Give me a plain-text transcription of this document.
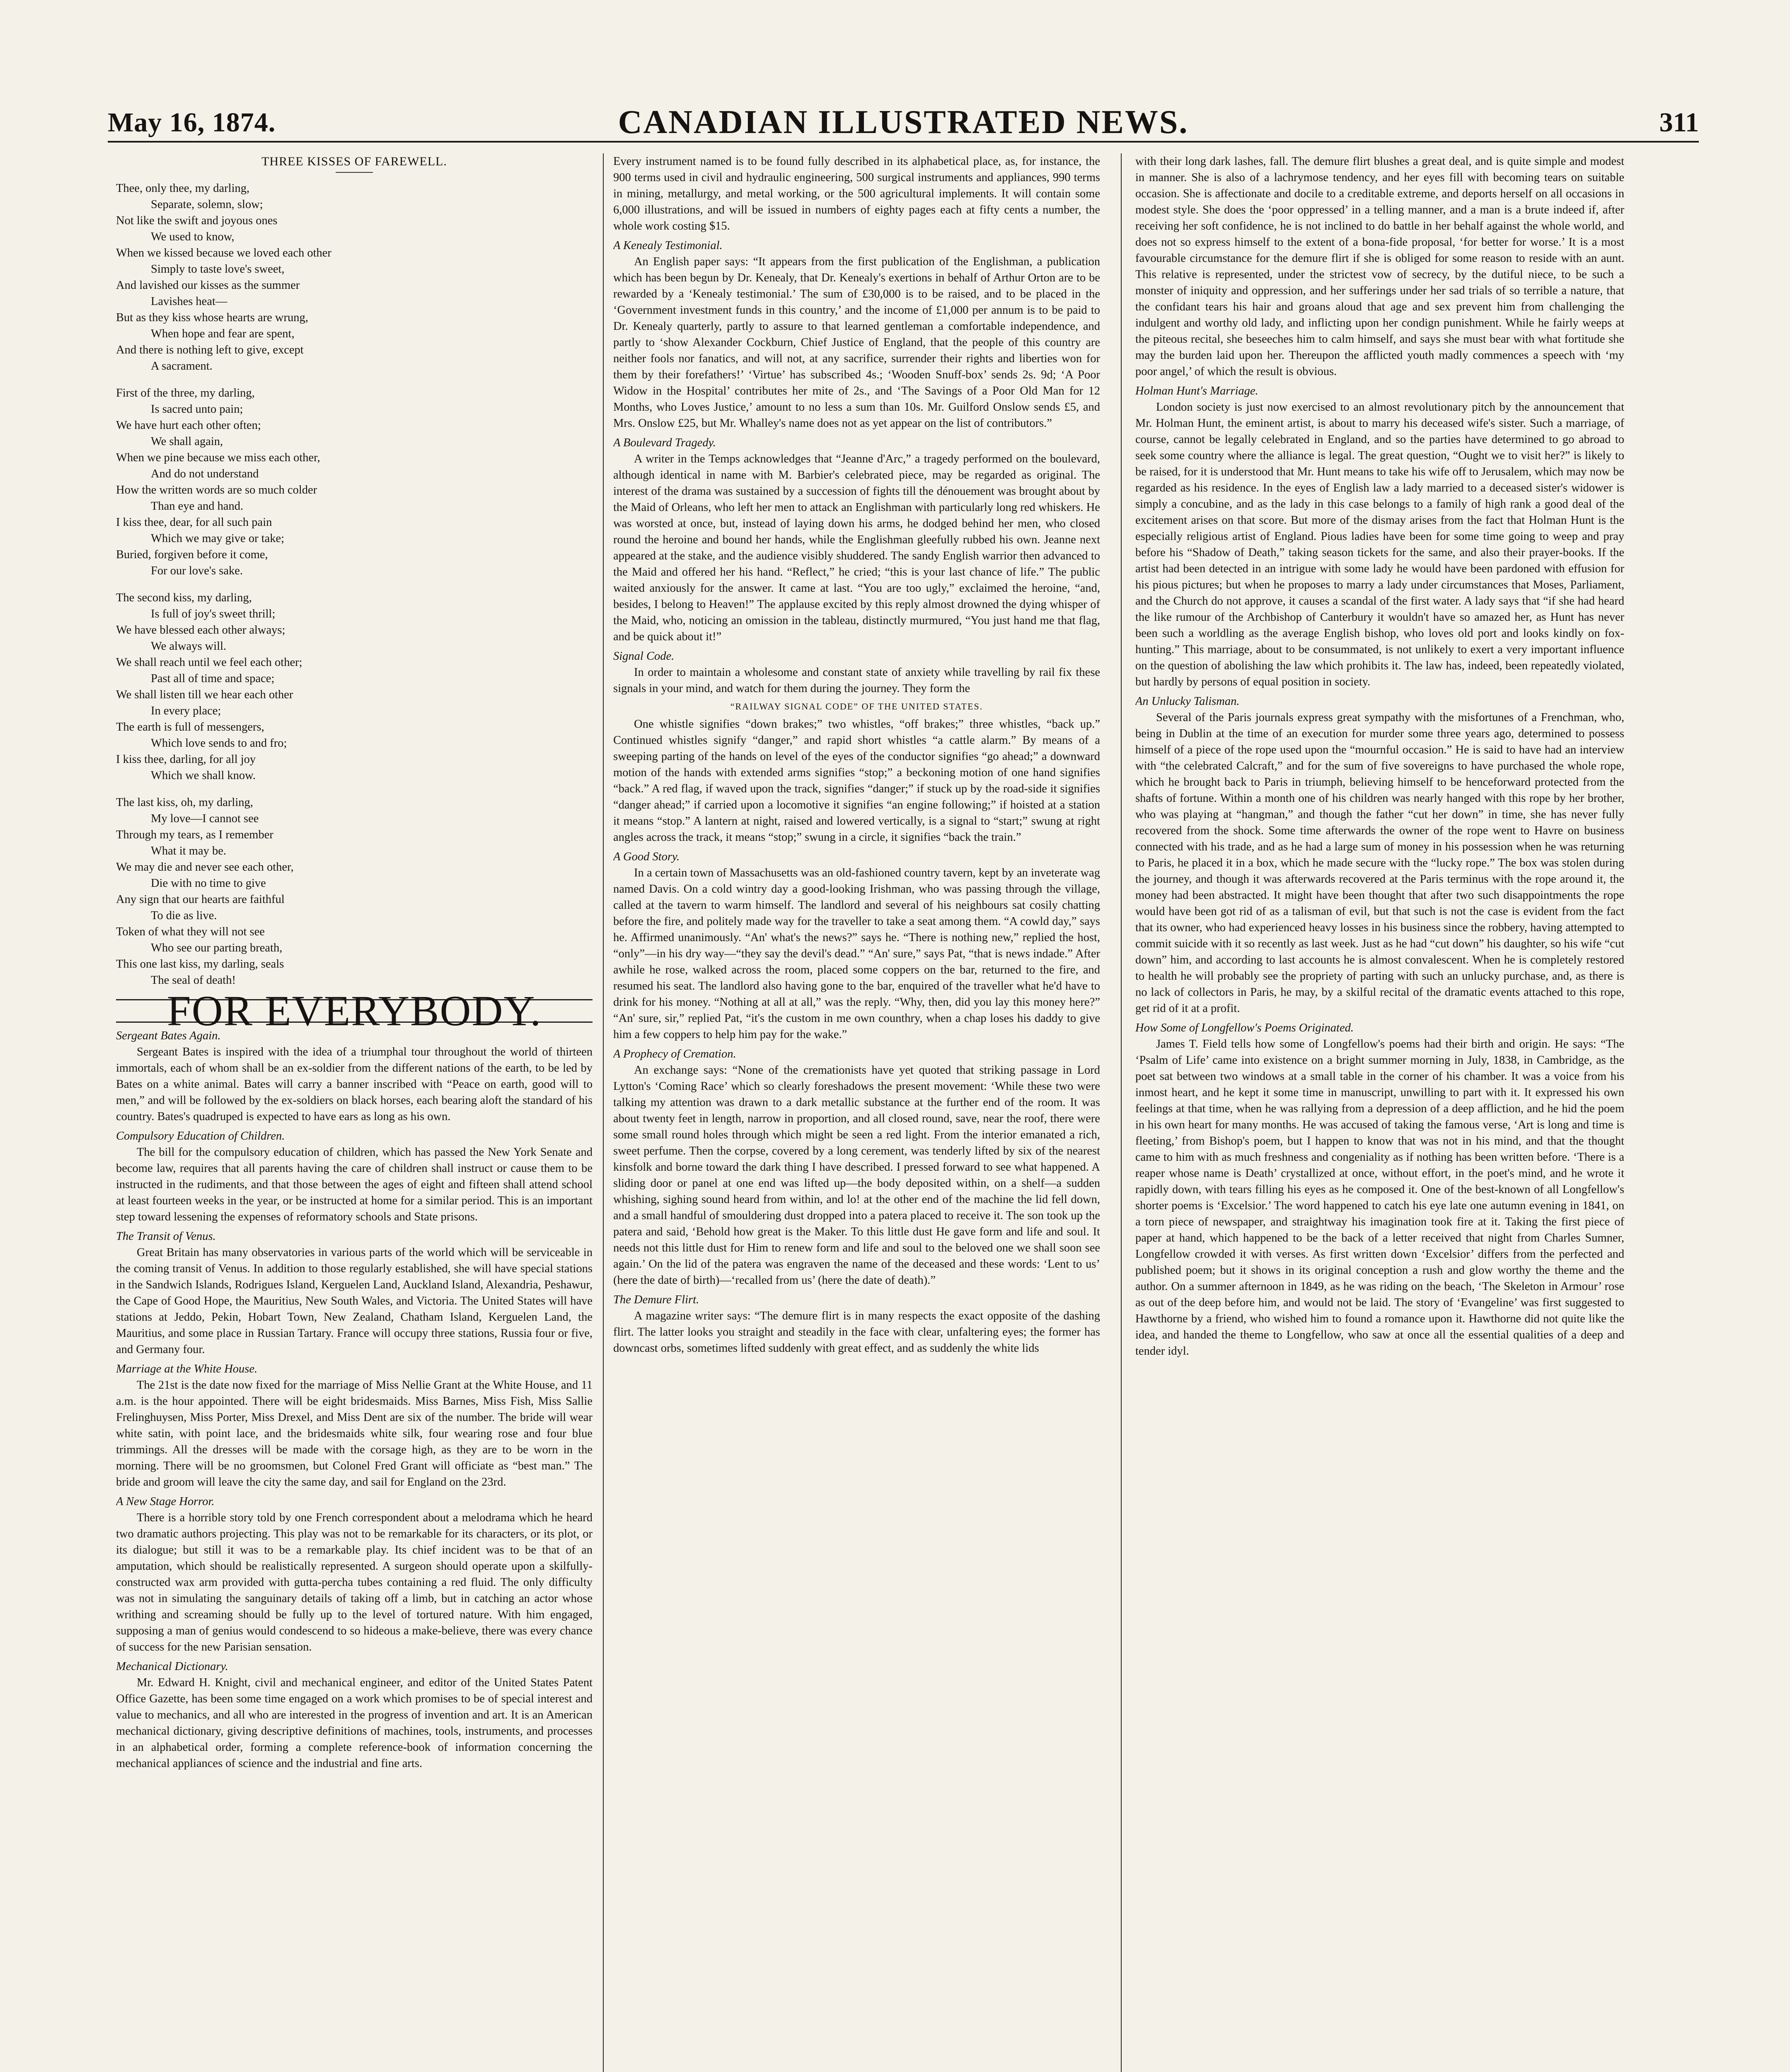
May 16, 1874.	CANADIAN ILLUSTRATED NEWS.	311
THREE KISSES OF FAREWELL.

Thee, only thee, my darling,

Separate, solemn, slow;

Not like the swift and joyous ones

We used to know,

When we kissed because we loved each other

Simply to taste love's sweet,

And lavished our kisses as the summer

Lavishes heat—

But as they kiss whose hearts are wrung,

When hope and fear are spent,

And there is nothing left to give, except

A sacrament.

First of the three, my darling,

Is sacred unto pain;

We have hurt each other often;

We shall again,

When we pine because we miss each other,

And do not understand

How the written words are so much colder

Than eye and hand.

I kiss thee, dear, for all such pain

Which we may give or take;

Buried, forgiven before it come,

For our love's sake.

The second kiss, my darling,

Is full of joy's sweet thrill;

We have blessed each other always;

We always will.

We shall reach until we feel each other;

Past all of time and space;

We shall listen till we hear each other

In every place;

The earth is full of messengers,

Which love sends to and fro;

I kiss thee, darling, for all joy

Which we shall know.

The last kiss, oh, my darling,

My love—I cannot see

Through my tears, as I remember

What it may be.

We may die and never see each other,

Die with no time to give

Any sign that our hearts are faithful

To die as live.

Token of what they will not see

Who see our parting breath,

This one last kiss, my darling, seals

The seal of death!

FOR EVERYBODY.

Sergeant Bates Again.

Sergeant Bates is inspired with the idea of a triumphal tour throughout the world of thirteen immortals, each of whom shall be an ex-soldier from the different nations of the earth, to be led by Bates on a white animal. Bates will carry a banner inscribed with “Peace on earth, good will to men,” and will be followed by the ex-soldiers on black horses, each bearing aloft the standard of his country. Bates's quadruped is expected to have ears as long as his own.

Compulsory Education of Children.

The bill for the compulsory education of children, which has passed the New York Senate and become law, requires that all parents having the care of children shall instruct or cause them to be instructed in the rudiments, and that those between the ages of eight and fifteen shall attend school at least fourteen weeks in the year, or be instructed at home for a similar period. This is an important step toward lessening the expenses of reformatory schools and State prisons.

The Transit of Venus.

Great Britain has many observatories in various parts of the world which will be serviceable in the coming transit of Venus. In addition to those regularly established, she will have special stations in the Sandwich Islands, Rodrigues Island, Kerguelen Land, Auckland Island, Alexandria, Peshawur, the Cape of Good Hope, the Mauritius, New South Wales, and Victoria. The United States will have stations at Jeddo, Pekin, Hobart Town, New Zealand, Chatham Island, Kerguelen Land, the Mauritius, and some place in Russian Tartary. France will occupy three stations, Russia four or five, and Germany four.

Marriage at the White House.

The 21st is the date now fixed for the marriage of Miss Nellie Grant at the White House, and 11 a.m. is the hour appointed. There will be eight bridesmaids. Miss Barnes, Miss Fish, Miss Sallie Frelinghuysen, Miss Porter, Miss Drexel, and Miss Dent are six of the number. The bride will wear white satin, with point lace, and the bridesmaids white silk, four wearing rose and four blue trimmings. All the dresses will be made with the corsage high, as they are to be worn in the morning. There will be no groomsmen, but Colonel Fred Grant will officiate as “best man.” The bride and groom will leave the city the same day, and sail for England on the 23rd.

A New Stage Horror.

There is a horrible story told by one French correspondent about a melodrama which he heard two dramatic authors projecting. This play was not to be remarkable for its characters, or its plot, or its dialogue; but still it was to be a remarkable play. Its chief incident was to be that of an amputation, which should be realistically represented. A surgeon should operate upon a skilfully-constructed wax arm provided with gutta-percha tubes containing a red fluid. The only difficulty was not in simulating the sanguinary details of taking off a limb, but in catching an actor whose writhing and screaming should be fully up to the level of tortured nature. With him engaged, supposing a man of genius would condescend to so hideous a make-believe, there was every chance of success for the new Parisian sensation.

Mechanical Dictionary.

Mr. Edward H. Knight, civil and mechanical engineer, and editor of the United States Patent Office Gazette, has been some time engaged on a work which promises to be of special interest and value to mechanics, and all who are interested in the progress of invention and art. It is an American mechanical dictionary, giving descriptive definitions of machines, tools, instruments, and processes in an alphabetical order, forming a complete reference-book of information concerning the mechanical appliances of science and the industrial and fine arts.

Every instrument named is to be found fully described in its alphabetical place, as, for instance, the 900 terms used in civil and hydraulic engineering, 500 surgical instruments and appliances, 990 terms in mining, metallurgy, and metal working, or the 500 agricultural implements. It will contain some 6,000 illustrations, and will be issued in numbers of eighty pages each at fifty cents a number, the whole work costing $15.

A Kenealy Testimonial.

An English paper says: “It appears from the first publication of the Englishman, a publication which has been begun by Dr. Kenealy, that Dr. Kenealy's exertions in behalf of Arthur Orton are to be rewarded by a ‘Kenealy testimonial.’ The sum of £30,000 is to be raised, and to be placed in the ‘Government investment funds in this country,’ and the income of £1,000 per annum is to be paid to Dr. Kenealy quarterly, partly to assure to that learned gentleman a comfortable independence, and partly to ‘show Alexander Cockburn, Chief Justice of England, that the people of this country are neither fools nor fanatics, and will not, at any sacrifice, surrender their rights and liberties won for them by their forefathers!’ ‘Virtue’ has subscribed 4s.; ‘Wooden Snuff-box’ sends 2s. 9d; ‘A Poor Widow in the Hospital’ contributes her mite of 2s., and ‘The Savings of a Poor Old Man for 12 Months, who Loves Justice,’ amount to no less a sum than 10s. Mr. Guilford Onslow sends £5, and Mrs. Onslow £25, but Mr. Whalley's name does not as yet appear on the list of contributors.”

A Boulevard Tragedy.

A writer in the Temps acknowledges that “Jeanne d'Arc,” a tragedy performed on the boulevard, although identical in name with M. Barbier's celebrated piece, may be regarded as original. The interest of the drama was sustained by a succession of fights till the dénouement was brought about by the Maid of Orleans, who left her men to attack an Englishman with particularly long red whiskers. He was worsted at once, but, instead of laying down his arms, he dodged behind her men, who closed round the heroine and bound her hands, while the Englishman gleefully rubbed his own. Jeanne next appeared at the stake, and the audience visibly shuddered. The sandy English warrior then advanced to the Maid and offered her his hand. “Reflect,” he cried; “this is your last chance of life.” The public waited anxiously for the answer. It came at last. “You are too ugly,” exclaimed the heroine, “and, besides, I belong to Heaven!” The applause excited by this reply almost drowned the dying whisper of the Maid, who, noticing an omission in the tableau, distinctly murmured, “You just hand me that flag, and be quick about it!”

Signal Code.

In order to maintain a wholesome and constant state of anxiety while travelling by rail fix these signals in your mind, and watch for them during the journey. They form the

“RAILWAY SIGNAL CODE” OF THE UNITED STATES.

One whistle signifies “down brakes;” two whistles, “off brakes;” three whistles, “back up.” Continued whistles signify “danger,” and rapid short whistles “a cattle alarm.” By means of a sweeping parting of the hands on level of the eyes of the conductor signifies “go ahead;” a downward motion of the hands with extended arms signifies “stop;” a beckoning motion of one hand signifies “back.” A red flag, if waved upon the track, signifies “danger;” if stuck up by the road-side it signifies “danger ahead;” if carried upon a locomotive it signifies “an engine following;” if hoisted at a station it means “stop.” A lantern at night, raised and lowered vertically, is a signal to “start;” swung at right angles across the track, it means “stop;” swung in a circle, it signifies “back the train.”

A Good Story.

In a certain town of Massachusetts was an old-fashioned country tavern, kept by an inveterate wag named Davis. On a cold wintry day a good-looking Irishman, who was passing through the village, called at the tavern to warm himself. The landlord and several of his neighbours sat cosily chatting before the fire, and politely made way for the traveller to take a seat among them. “A cowld day,” says he. Affirmed unanimously. “An' what's the news?” says he. “There is nothing new,” replied the host, “only”—in his dry way—“they say the devil's dead.” “An' sure,” says Pat, “that is news indade.” After awhile he rose, walked across the room, placed some coppers on the bar, returned to the fire, and resumed his seat. The landlord also having gone to the bar, enquired of the traveller what he'd have to drink for his money. “Nothing at all at all,” was the reply. “Why, then, did you lay this money here?” “An' sure, sir,” replied Pat, “it's the custom in me own counthry, when a chap loses his daddy to give him a few coppers to help him pay for the wake.”

A Prophecy of Cremation.

An exchange says: “None of the cremationists have yet quoted that striking passage in Lord Lytton's ‘Coming Race’ which so clearly foreshadows the present movement: ‘While these two were talking my attention was drawn to a dark metallic substance at the further end of the room. It was about twenty feet in length, narrow in proportion, and all closed round, save, near the roof, there were some small round holes through which might be seen a red light. From the interior emanated a rich, sweet perfume. Then the corpse, covered by a long cerement, was tenderly lifted by six of the nearest kinsfolk and borne toward the dark thing I have described. I pressed forward to see what happened. A sliding door or panel at one end was lifted up—the body deposited within, on a shelf—a sudden whishing, sighing sound heard from within, and lo! at the other end of the machine the lid fell down, and a small handful of smouldering dust dropped into a patera placed to receive it. The son took up the patera and said, ‘Behold how great is the Maker. To this little dust He gave form and life and soul. It needs not this little dust for Him to renew form and life and soul to the beloved one we shall soon see again.’ On the lid of the patera was engraven the name of the deceased and these words: ‘Lent to us’ (here the date of birth)—‘recalled from us’ (here the date of death).”

The Demure Flirt.

A magazine writer says: “The demure flirt is in many respects the exact opposite of the dashing flirt. The latter looks you straight and steadily in the face with clear, unfaltering eyes; the former has downcast orbs, sometimes lifted suddenly with great effect, and as suddenly the white lids

with their long dark lashes, fall. The demure flirt blushes a great deal, and is quite simple and modest in manner. She is also of a lachrymose tendency, and her eyes fill with becoming tears on suitable occasion. She is affectionate and docile to a creditable extreme, and deports herself on all occasions in modest style. She does the ‘poor oppressed’ in a telling manner, and a man is a brute indeed if, after receiving her soft confidence, he is not inclined to do battle in her behalf against the whole world, and does not so express himself to the extent of a bona-fide proposal, ‘for better for worse.’ It is a most favourable circumstance for the demure flirt if she is obliged for some reason to reside with an aunt. This relative is represented, under the strictest vow of secrecy, by the dutiful niece, to be such a monster of iniquity and oppression, and her sufferings under her sad trials of so terrible a nature, that the confidant tears his hair and groans aloud that age and sex prevent him from challenging the indulgent and worthy old lady, and inflicting upon her condign punishment. While he fairly weeps at the piteous recital, she beseeches him to calm himself, and says she must bear with what fortitude she may the burden laid upon her. Thereupon the afflicted youth madly commences a speech with ‘my poor angel,’ of which the result is obvious.

Holman Hunt's Marriage.

London society is just now exercised to an almost revolutionary pitch by the announcement that Mr. Holman Hunt, the eminent artist, is about to marry his deceased wife's sister. Such a marriage, of course, cannot be legally celebrated in England, and so the parties have determined to go abroad to seek some country where the alliance is legal. The great question, “Ought we to visit her?” is likely to be raised, for it is understood that Mr. Hunt means to take his wife off to Jerusalem, which may now be regarded as his residence. In the eyes of English law a lady married to a deceased sister's widower is simply a concubine, and as the lady in this case belongs to a family of high rank a good deal of the excitement arises on that score. But more of the dismay arises from the fact that Holman Hunt is the especially religious artist of England. Pious ladies have been for some time going to weep and pray before his “Shadow of Death,” taking season tickets for the same, and also their prayer-books. If the artist had been detected in an intrigue with some lady he would have been pardoned with effusion for his pious pictures; but when he proposes to marry a lady under circumstances that Moses, Parliament, and the Church do not approve, it causes a scandal of the first water. A lady says that “if she had heard the like rumour of the Archbishop of Canterbury it wouldn't have so amazed her, as Hunt has never been such a worldling as the average English bishop, who loves old port and looks kindly on fox-hunting.” This marriage, about to be consummated, is not unlikely to exert a very important influence on the question of abolishing the law which prohibits it. The law has, indeed, been repeatedly violated, but hardly by persons of equal position in society.

An Unlucky Talisman.

Several of the Paris journals express great sympathy with the misfortunes of a Frenchman, who, being in Dublin at the time of an execution for murder some three years ago, determined to possess himself of a piece of the rope used upon the “mournful occasion.” He is said to have had an interview with “the celebrated Calcraft,” and for the sum of five sovereigns to have purchased the whole rope, which he brought back to Paris in triumph, believing himself to be henceforward protected from the shafts of fortune. Within a month one of his children was nearly hanged with this rope by her brother, who was playing at “hangman,” and though the father “cut her down” in time, she has never fully recovered from the shock. Some time afterwards the owner of the rope went to Havre on business connected with his trade, and as he had a large sum of money in his possession when he was returning to Paris, he placed it in a box, which he made secure with the “lucky rope.” The box was stolen during the journey, and though it was afterwards recovered at the Paris terminus with the rope around it, the money had been abstracted. It might have been thought that after two such disappointments the rope would have been got rid of as a talisman of evil, but that such is not the case is evident from the fact that its owner, who had experienced heavy losses in his business since the robbery, having attempted to commit suicide with it so recently as last week. Just as he had “cut down” his daughter, so his wife “cut down” him, and according to last accounts he is almost convalescent. When he is completely restored to health he will probably see the propriety of parting with such an unlucky purchase, and, as there is no lack of collectors in Paris, he may, by a skilful recital of the dramatic events attached to this rope, get rid of it at a profit.

How Some of Longfellow's Poems Originated.

James T. Field tells how some of Longfellow's poems had their birth and origin. He says: “The ‘Psalm of Life’ came into existence on a bright summer morning in July, 1838, in Cambridge, as the poet sat between two windows at a small table in the corner of his chamber. It was a voice from his inmost heart, and he kept it some time in manuscript, unwilling to part with it. It expressed his own feelings at that time, when he was rallying from a depression of a deep affliction, and he hid the poem in his own heart for many months. He was accused of taking the famous verse, ‘Art is long and time is fleeting,’ from Bishop's poem, but I happen to know that was not in his mind, and that the thought came to him with as much freshness and congeniality as if nothing has been written before. ‘There is a reaper whose name is Death’ crystallized at once, without effort, in the poet's mind, and he wrote it rapidly down, with tears filling his eyes as he composed it. One of the best-known of all Longfellow's shorter poems is ‘Excelsior.’ The word happened to catch his eye late one autumn evening in 1841, on a torn piece of newspaper, and straightway his imagination took fire at it. Taking the first piece of paper at hand, which happened to be the back of a letter received that night from Charles Sumner, Longfellow crowded it with verses. As first written down ‘Excelsior’ differs from the perfected and published poem; but it shows in its original conception a rush and glow worthy the theme and the author. On a summer afternoon in 1849, as he was riding on the beach, ‘The Skeleton in Armour’ rose as out of the deep before him, and would not be laid. The story of ‘Evangeline’ was first suggested to Hawthorne by a friend, who wished him to found a romance upon it. Hawthorne did not quite like the idea, and handed the theme to Longfellow, who saw at once all the essential qualities of a deep and tender idyl.
